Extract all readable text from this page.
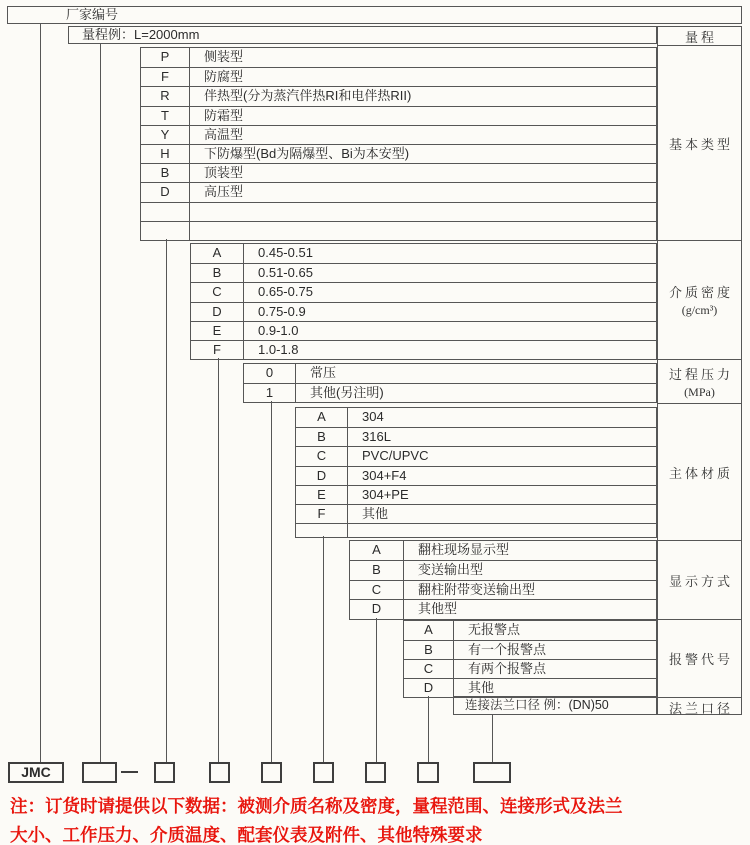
厂家编号
量程例：L=2000mm
P	侧装型
F	防腐型
R	伴热型(分为蒸汽伴热RI和电伴热RII)
T	防霜型
Y	高温型
H	下防爆型(Bd为隔爆型、Bi为本安型)
B	顶装型
D	高压型
A	0.45-0.51
B	0.51-0.65
C	0.65-0.75
D	0.75-0.9
E	0.9-1.0
F	1.0-1.8
0	常压
1	其他(另注明)
A	304
B	316L
C	PVC/UPVC
D	304+F4
E	304+PE
F	其他
A	翻柱现场显示型
B	变送输出型
C	翻柱附带变送输出型
D	其他型
A	无报警点
B	有一个报警点
C	有两个报警点
D	其他
连接法兰口径 例：(DN)50
量程
基本类型
介质密度
(g/cm³)
过程压力
(MPa)
主体材质
显示方式
报警代号
法兰口径
JMC
注：订货时请提供以下数据：被测介质名称及密度，量程范围、连接形式及法兰
大小、工作压力、介质温度、配套仪表及附件、其他特殊要求
